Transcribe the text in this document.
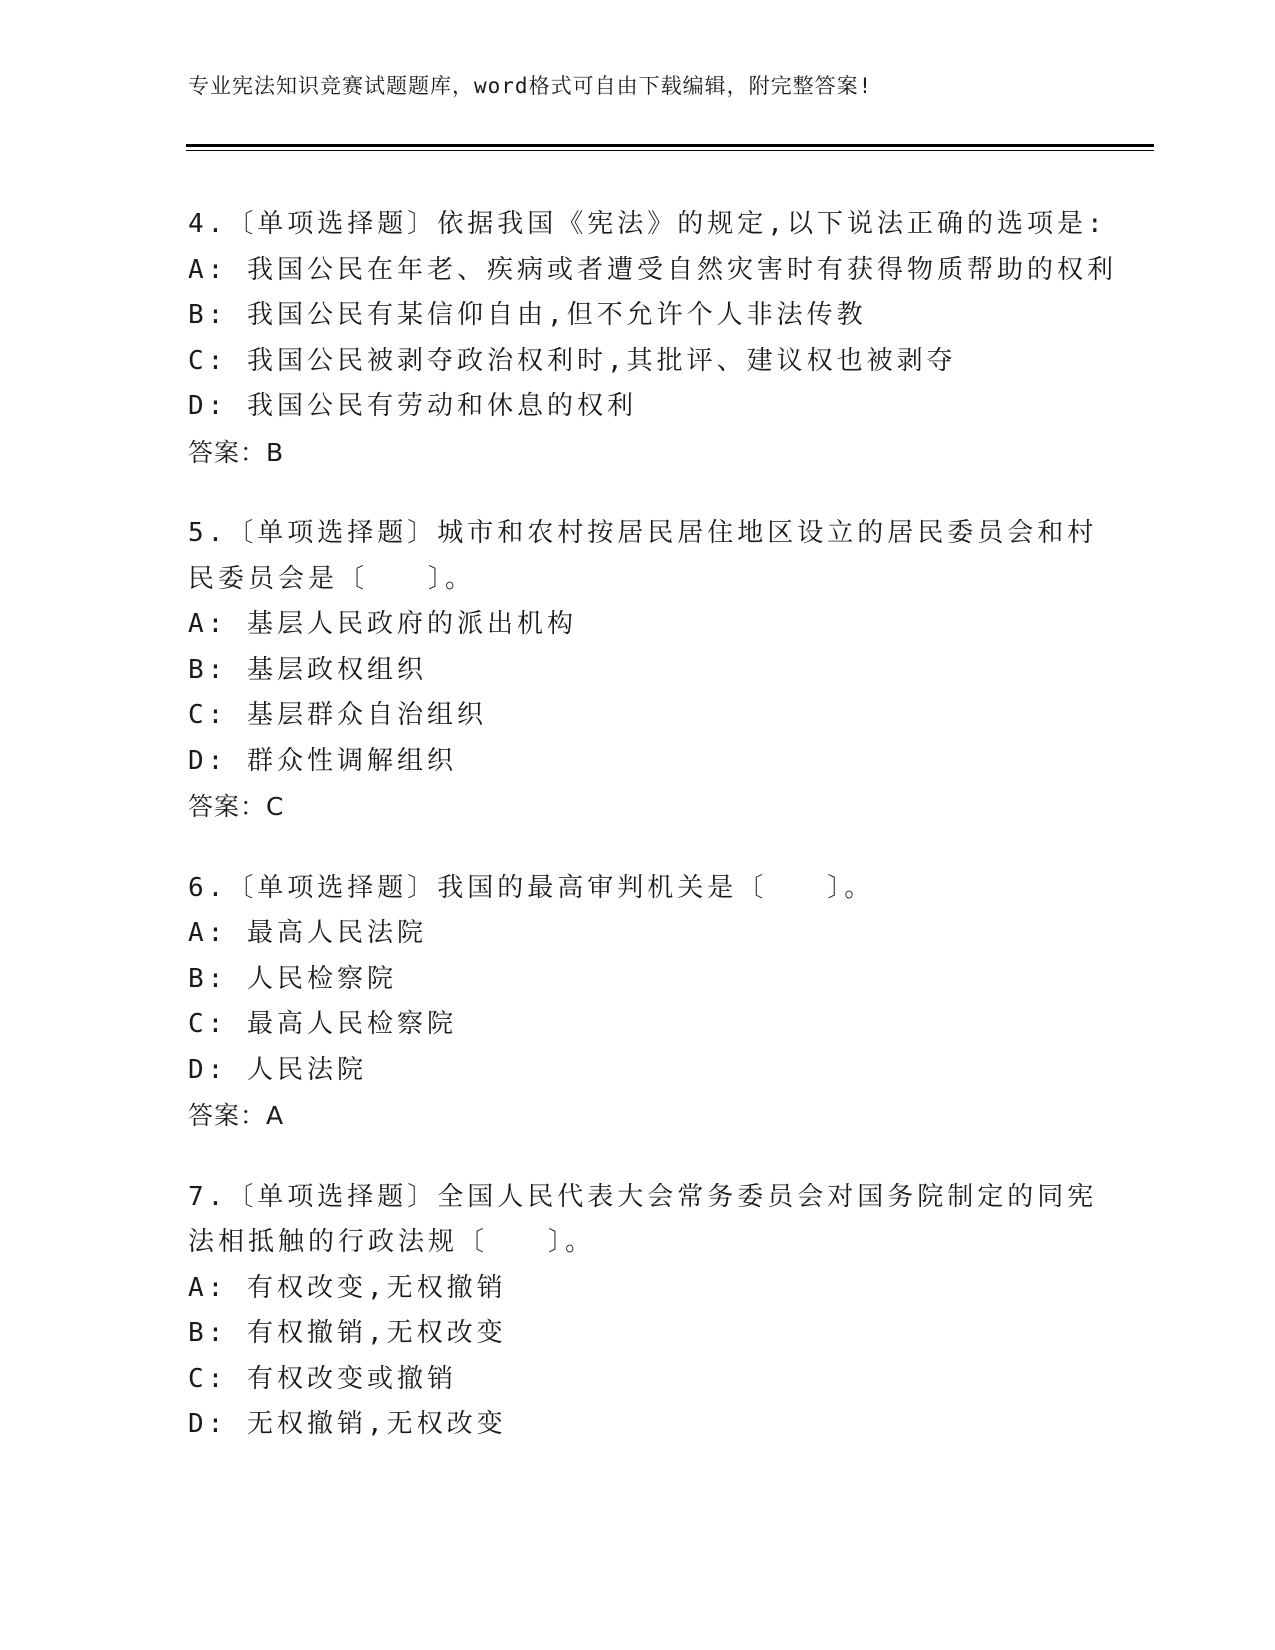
专业宪法知识竞赛试题题库，word格式可自由下载编辑，附完整答案!
4.〔单项选择题〕依据我国《宪法》的规定,以下说法正确的选项是:
A: 我国公民在年老、疾病或者遭受自然灾害时有获得物质帮助的权利
B: 我国公民有某信仰自由,但不允许个人非法传教
C: 我国公民被剥夺政治权利时,其批评、建议权也被剥夺
D: 我国公民有劳动和休息的权利
答案：B
5.〔单项选择题〕城市和农村按居民居住地区设立的居民委员会和村
民委员会是〔　　〕。
A: 基层人民政府的派出机构
B: 基层政权组织
C: 基层群众自治组织
D: 群众性调解组织
答案：C
6.〔单项选择题〕我国的最高审判机关是〔　　〕。
A: 最高人民法院
B: 人民检察院
C: 最高人民检察院
D: 人民法院
答案：A
7.〔单项选择题〕全国人民代表大会常务委员会对国务院制定的同宪
法相抵触的行政法规〔　　〕。
A: 有权改变,无权撤销
B: 有权撤销,无权改变
C: 有权改变或撤销
D: 无权撤销,无权改变
